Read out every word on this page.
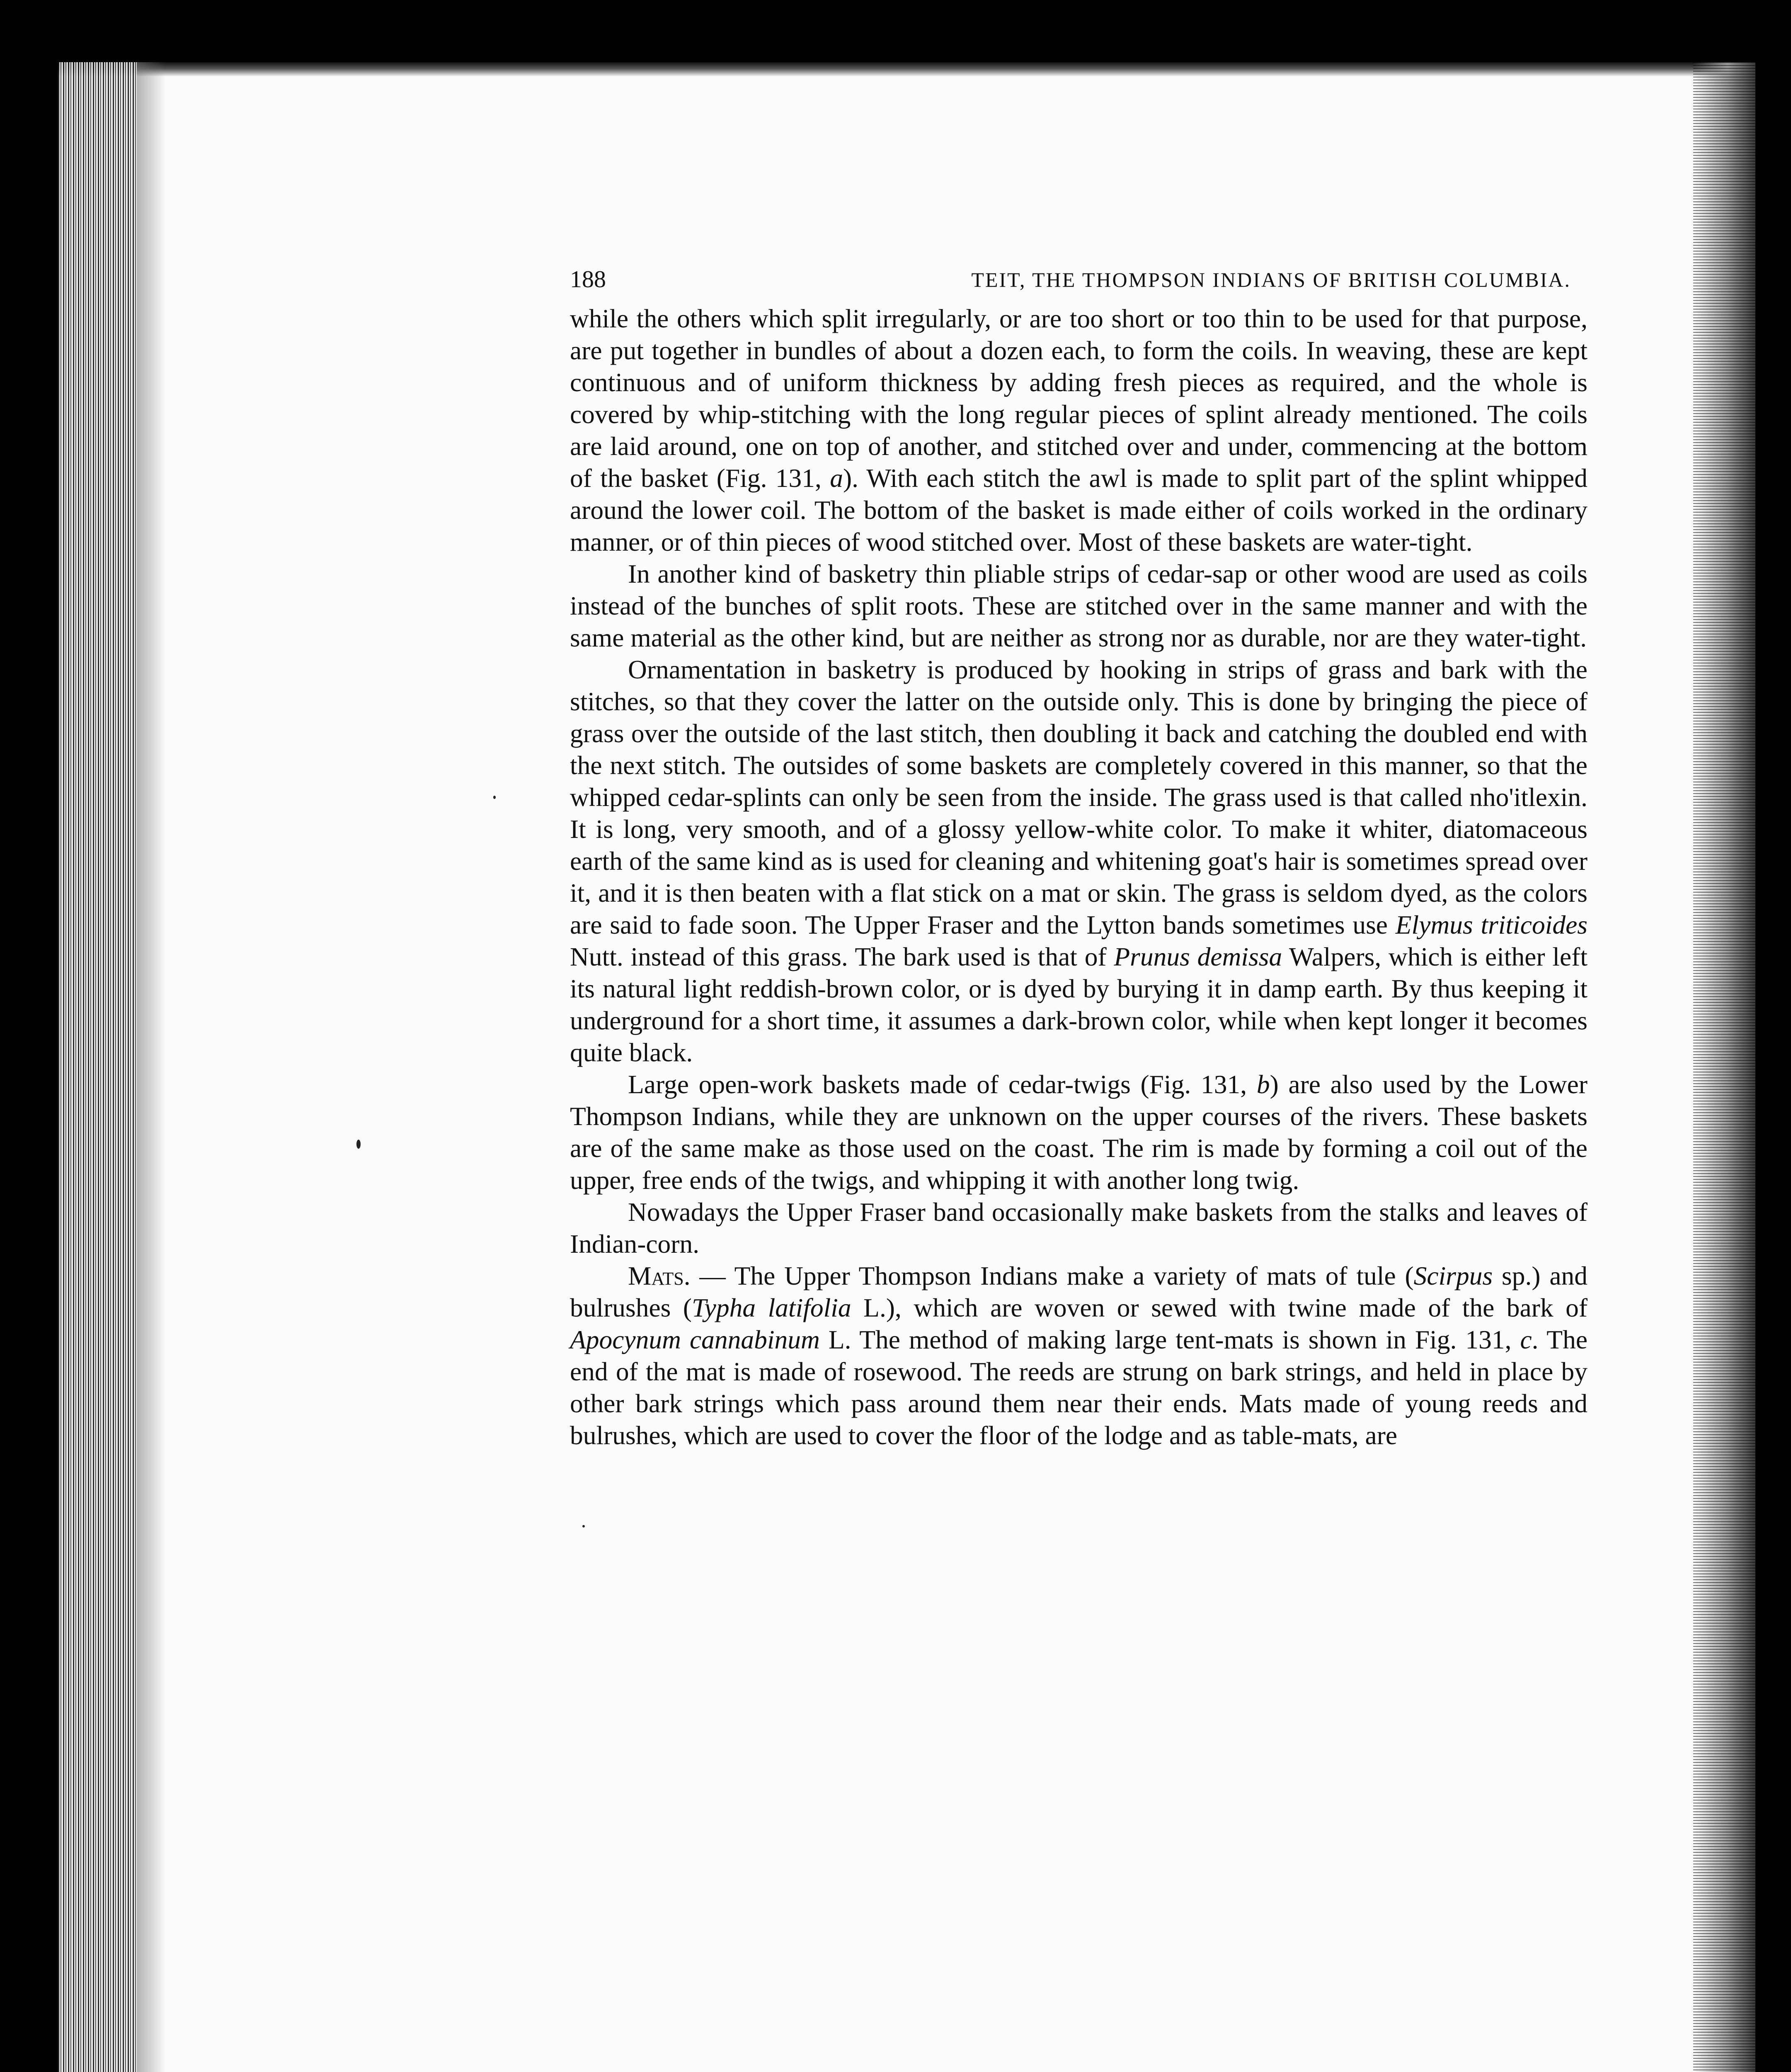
188	TEIT, THE THOMPSON INDIANS OF BRITISH COLUMBIA.

while the others which split irregularly, or are too short or too thin to be used for that purpose, are put together in bundles of about a dozen each, to form the coils. In weaving, these are kept continuous and of uniform thickness by adding fresh pieces as required, and the whole is covered by whip-stitching with the long regular pieces of splint already mentioned. The coils are laid around, one on top of another, and stitched over and under, commencing at the bottom of the basket (Fig. 131, a). With each stitch the awl is made to split part of the splint whipped around the lower coil. The bottom of the basket is made either of coils worked in the ordinary manner, or of thin pieces of wood stitched over. Most of these baskets are water-tight.

In another kind of basketry thin pliable strips of cedar-sap or other wood are used as coils instead of the bunches of split roots. These are stitched over in the same manner and with the same material as the other kind, but are neither as strong nor as durable, nor are they water-tight.

Ornamentation in basketry is produced by hooking in strips of grass and bark with the stitches, so that they cover the latter on the outside only. This is done by bringing the piece of grass over the outside of the last stitch, then doubling it back and catching the doubled end with the next stitch. The outsides of some baskets are completely covered in this manner, so that the whipped cedar-splints can only be seen from the inside. The grass used is that called nho'itlexin. It is long, very smooth, and of a glossy yellow-white color. To make it whiter, diatomaceous earth of the same kind as is used for cleaning and whitening goat's hair is sometimes spread over it, and it is then beaten with a flat stick on a mat or skin. The grass is seldom dyed, as the colors are said to fade soon. The Upper Fraser and the Lytton bands sometimes use Elymus triticoides Nutt. instead of this grass. The bark used is that of Prunus demissa Walpers, which is either left its natural light reddish-brown color, or is dyed by burying it in damp earth. By thus keeping it underground for a short time, it assumes a dark-brown color, while when kept longer it becomes quite black.

Large open-work baskets made of cedar-twigs (Fig. 131, b) are also used by the Lower Thompson Indians, while they are unknown on the upper courses of the rivers. These baskets are of the same make as those used on the coast. The rim is made by forming a coil out of the upper, free ends of the twigs, and whipping it with another long twig.

Nowadays the Upper Fraser band occasionally make baskets from the stalks and leaves of Indian-corn.

Mats. — The Upper Thompson Indians make a variety of mats of tule (Scirpus sp.) and bulrushes (Typha latifolia L.), which are woven or sewed with twine made of the bark of Apocynum cannabinum L. The method of making large tent-mats is shown in Fig. 131, c. The end of the mat is made of rosewood. The reeds are strung on bark strings, and held in place by other bark strings which pass around them near their ends. Mats made of young reeds and bulrushes, which are used to cover the floor of the lodge and as table-mats, are
